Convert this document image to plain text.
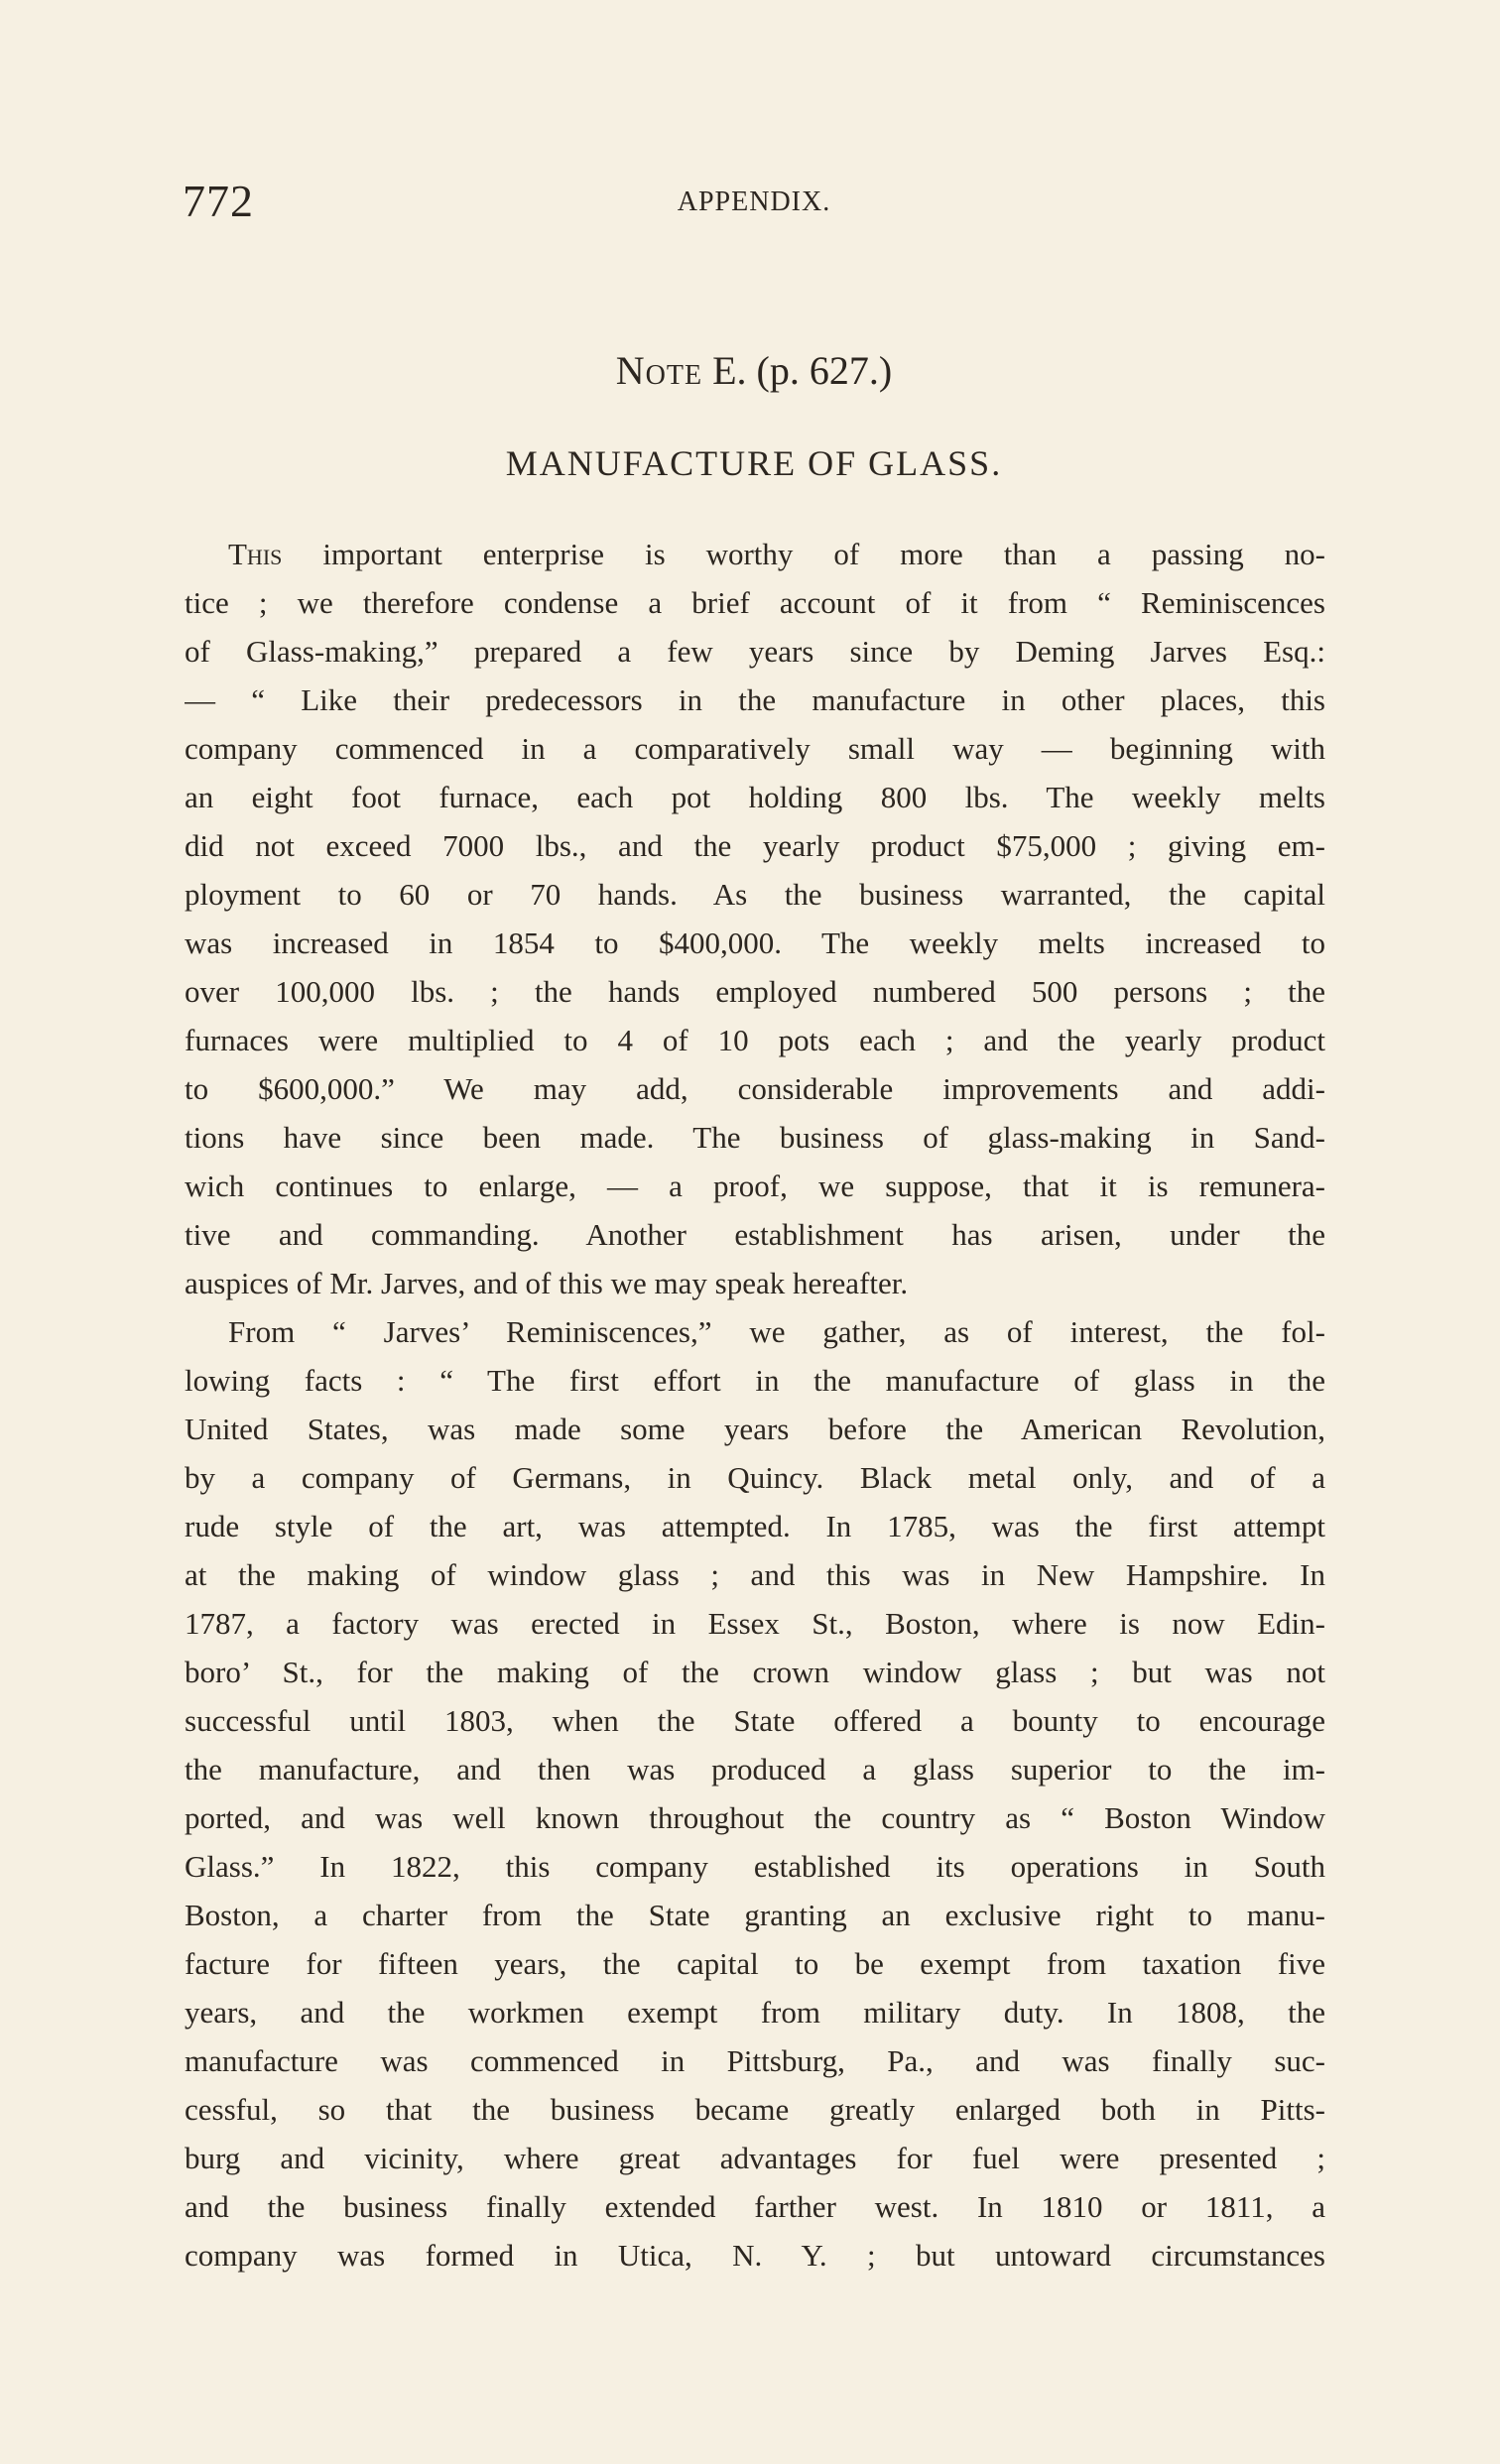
772	APPENDIX.
Note E. (p. 627.)
MANUFACTURE OF GLASS.
This important enterprise is worthy of more than a passing no-
tice ; we therefore condense a brief account of it from “ Reminiscences
of Glass-making,” prepared a few years since by Deming Jarves Esq.:
— “ Like their predecessors in the manufacture in other places, this
company commenced in a comparatively small way — beginning with
an eight foot furnace, each pot holding 800 lbs. The weekly melts
did not exceed 7000 lbs., and the yearly product $75,000 ; giving em-
ployment to 60 or 70 hands. As the business warranted, the capital
was increased in 1854 to $400,000. The weekly melts increased to
over 100,000 lbs. ; the hands employed numbered 500 persons ; the
furnaces were multiplied to 4 of 10 pots each ; and the yearly product
to $600,000.” We may add, considerable improvements and addi-
tions have since been made. The business of glass-making in Sand-
wich continues to enlarge, — a proof, we suppose, that it is remunera-
tive and commanding. Another establishment has arisen, under the
auspices of Mr. Jarves, and of this we may speak hereafter.
From “ Jarves’ Reminiscences,” we gather, as of interest, the fol-
lowing facts : “ The first effort in the manufacture of glass in the
United States, was made some years before the American Revolution,
by a company of Germans, in Quincy. Black metal only, and of a
rude style of the art, was attempted. In 1785, was the first attempt
at the making of window glass ; and this was in New Hampshire. In
1787, a factory was erected in Essex St., Boston, where is now Edin-
boro’ St., for the making of the crown window glass ; but was not
successful until 1803, when the State offered a bounty to encourage
the manufacture, and then was produced a glass superior to the im-
ported, and was well known throughout the country as “ Boston Window
Glass.” In 1822, this company established its operations in South
Boston, a charter from the State granting an exclusive right to manu-
facture for fifteen years, the capital to be exempt from taxation five
years, and the workmen exempt from military duty. In 1808, the
manufacture was commenced in Pittsburg, Pa., and was finally suc-
cessful, so that the business became greatly enlarged both in Pitts-
burg and vicinity, where great advantages for fuel were presented ;
and the business finally extended farther west. In 1810 or 1811, a
company was formed in Utica, N. Y. ; but untoward circumstances
